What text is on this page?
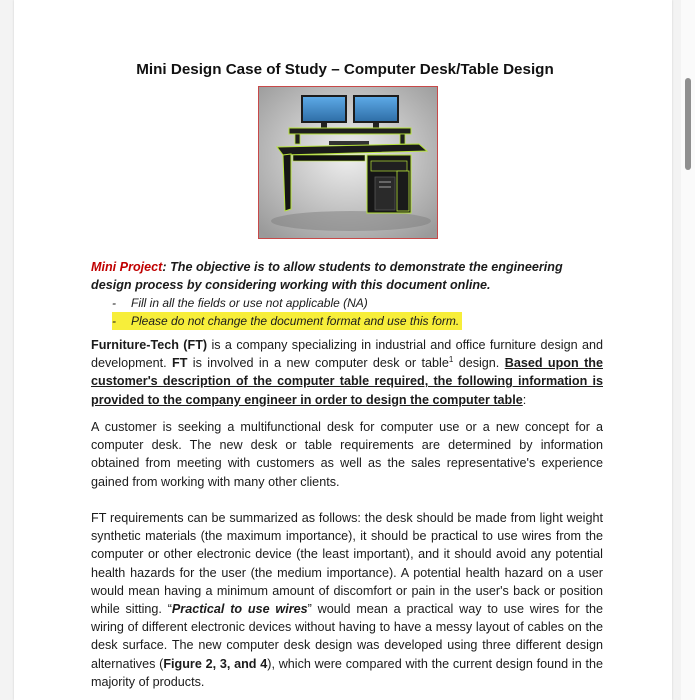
Mini Design Case of Study – Computer Desk/Table Design
Mini Project: The objective is to allow students to demonstrate the engineering design process by considering working with this document online.
- Fill in all the fields or use not applicable (NA)
- Please do not change the document format and use this form.
Furniture-Tech (FT) is a company specializing in industrial and office furniture design and development. FT is involved in a new computer desk or table$^1$ design. Based upon the customer's description of the computer table required, the following information is provided to the company engineer in order to design the computer table:
A customer is seeking a multifunctional desk for computer use or a new concept for a computer desk. The new desk or table requirements are determined by information obtained from meeting with customers as well as the sales representative's experience gained from working with many other clients.
FT requirements can be summarized as follows: the desk should be made from light weight synthetic materials (the maximum importance), it should be practical to use wires from the computer or other electronic device (the least important), and it should avoid any potential health hazards for the user (the medium importance). A potential health hazard on a user would mean having a minimum amount of discomfort or pain in the user's back or position while sitting. “Practical to use wires” would mean a practical way to use wires for the wiring of different electronic devices without having to have a messy layout of cables on the desk surface. The new computer desk design was developed using three different design alternatives (Figure 2, 3, and 4), which were compared with the current design found in the majority of products.
